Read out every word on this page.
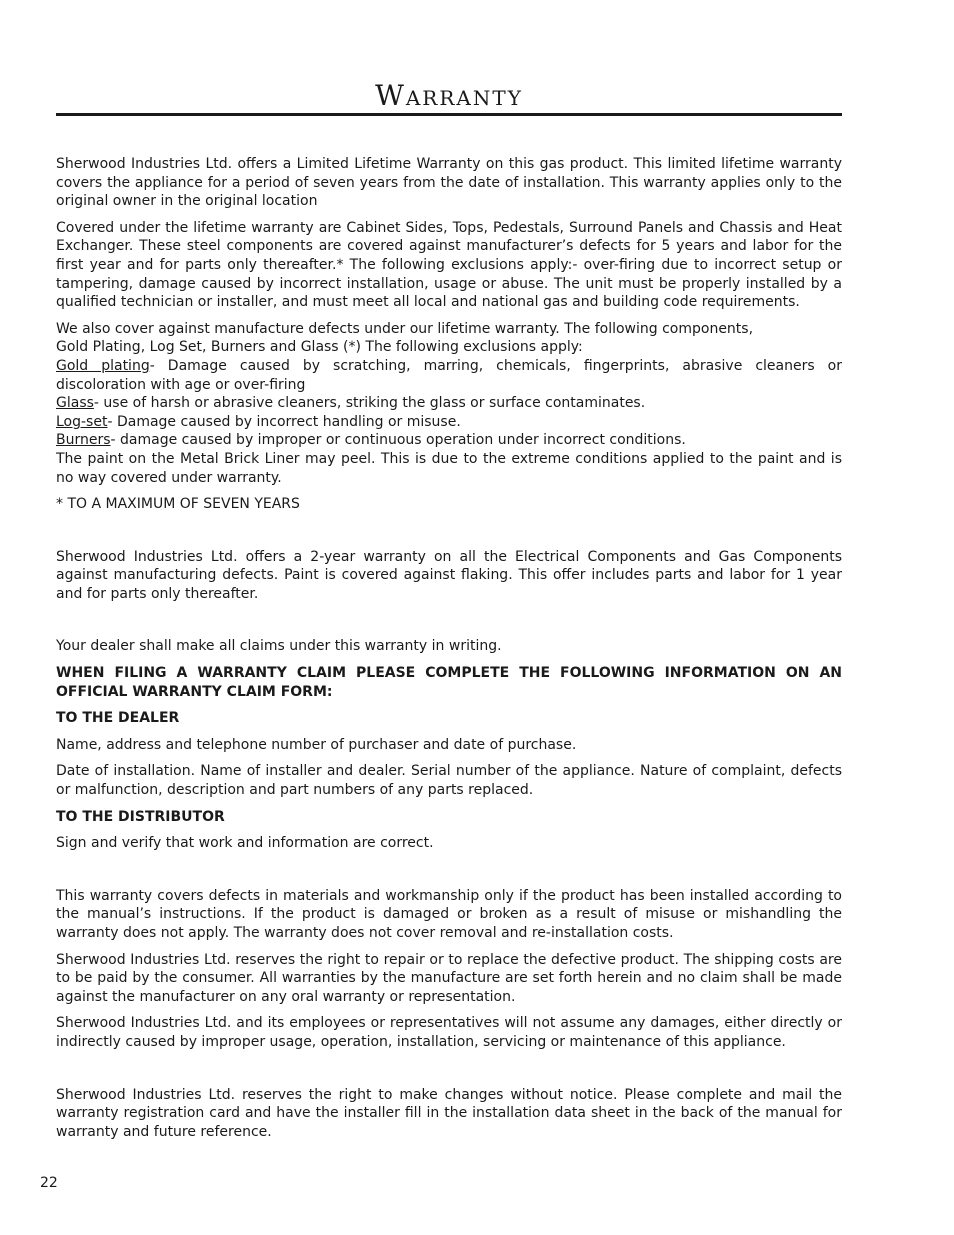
Warranty

Sherwood Industries Ltd. offers a Limited Lifetime Warranty on this gas product. This limited lifetime warranty covers the appliance for a period of seven years from the date of installation. This warranty applies only to the original owner in the original location

Covered under the lifetime warranty are Cabinet Sides, Tops, Pedestals, Surround Panels and Chassis and Heat Exchanger. These steel components are covered against manufacturer’s defects for 5 years and labor for the first year and for parts only thereafter.* The following exclusions apply:- over-firing due to incorrect setup or tampering, damage caused by incorrect installation, usage or abuse. The unit must be properly installed by a qualified technician or installer, and must meet all local and national gas and building code requirements.

We also cover against manufacture defects under our lifetime warranty. The following components,

Gold Plating, Log Set, Burners and Glass (*) The following exclusions apply:

Gold plating- Damage caused by scratching, marring, chemicals, fingerprints, abrasive cleaners or discoloration with age or over-firing

Glass- use of harsh or abrasive cleaners, striking the glass or surface contaminates.

Log-set- Damage caused by incorrect handling or misuse.

Burners- damage caused by improper or continuous operation under incorrect conditions.

The paint on the Metal Brick Liner may peel. This is due to the extreme conditions applied to the paint and is no way covered under warranty.

* TO A MAXIMUM OF SEVEN YEARS

Sherwood Industries Ltd. offers a 2-year warranty on all the Electrical Components and Gas Components against manufacturing defects. Paint is covered against flaking. This offer includes parts and labor for 1 year and for parts only thereafter.

Your dealer shall make all claims under this warranty in writing.

WHEN FILING A WARRANTY CLAIM PLEASE COMPLETE THE FOLLOWING INFORMATION ON AN OFFICIAL WARRANTY CLAIM FORM:

TO THE DEALER

Name, address and telephone number of purchaser and date of purchase.

Date of installation. Name of installer and dealer. Serial number of the appliance. Nature of complaint, defects or malfunction, description and part numbers of any parts replaced.

TO THE DISTRIBUTOR

Sign and verify that work and information are correct.

This warranty covers defects in materials and workmanship only if the product has been installed according to the manual’s instructions. If the product is damaged or broken as a result of misuse or mishandling the warranty does not apply. The warranty does not cover removal and re-installation costs.

Sherwood Industries Ltd. reserves the right to repair or to replace the defective product. The shipping costs are to be paid by the consumer. All warranties by the manufacture are set forth herein and no claim shall be made against the manufacturer on any oral warranty or representation.

Sherwood Industries Ltd. and its employees or representatives will not assume any damages, either directly or indirectly caused by improper usage, operation, installation, servicing or maintenance of this appliance.

Sherwood Industries Ltd. reserves the right to make changes without notice. Please complete and mail the warranty registration card and have the installer fill in the installation data sheet in the back of the manual for warranty and future reference.

22
